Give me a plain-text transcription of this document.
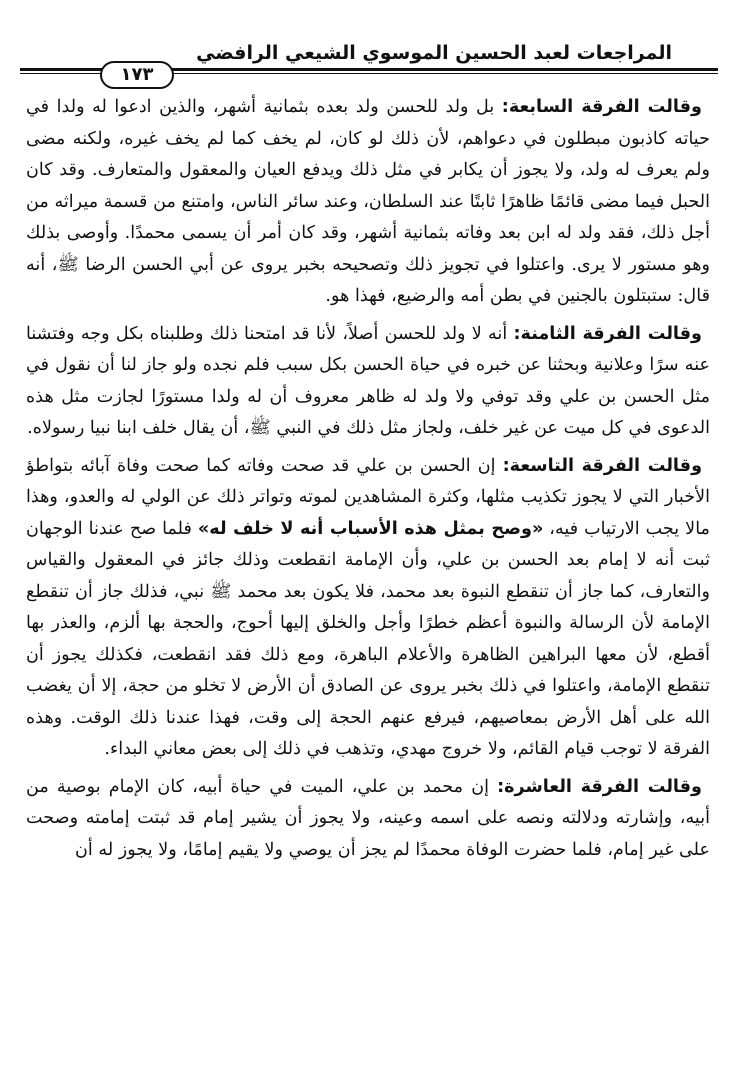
المراجعات لعبد الحسين الموسوي الشيعي الرافضي
١٧٣

وقالت الفرقة السابعة: بل ولد للحسن ولد بعده بثمانية أشهر، والذين ادعوا له ولدا في حياته كاذبون مبطلون في دعواهم، لأن ذلك لو كان، لم يخف كما لم يخف غيره، ولكنه مضى ولم يعرف له ولد، ولا يجوز أن يكابر في مثل ذلك ويدفع العيان والمعقول والمتعارف. وقد كان الحبل فيما مضى قائمًا ظاهرًا ثابتًا عند السلطان، وعند سائر الناس، وامتنع من قسمة ميراثه من أجل ذلك، فقد ولد له ابن بعد وفاته بثمانية أشهر، وقد كان أمر أن يسمى محمدًا. وأوصى بذلك وهو مستور لا يرى. واعتلوا في تجويز ذلك وتصحيحه بخبر يروى عن أبي الحسن الرضا ﷺ، أنه قال: ستبتلون بالجنين في بطن أمه والرضيع، فهذا هو.

وقالت الفرقة الثامنة: أنه لا ولد للحسن أصلاً، لأنا قد امتحنا ذلك وطلبناه بكل وجه وفتشنا عنه سرًا وعلانية وبحثنا عن خبره في حياة الحسن بكل سبب فلم نجده ولو جاز لنا أن نقول في مثل الحسن بن علي وقد توفي ولا ولد له ظاهر معروف أن له ولدا مستورًا لجازت مثل هذه الدعوى في كل ميت عن غير خلف، ولجاز مثل ذلك في النبي ﷺ، أن يقال خلف ابنا نبيا رسولاه.

وقالت الفرقة التاسعة: إن الحسن بن علي قد صحت وفاته كما صحت وفاة آبائه بتواطؤ الأخبار التي لا يجوز تكذيب مثلها، وكثرة المشاهدين لموته وتواتر ذلك عن الولي له والعدو، وهذا مالا يجب الارتياب فيه، «وصح بمثل هذه الأسباب أنه لا خلف له» فلما صح عندنا الوجهان ثبت أنه لا إمام بعد الحسن بن علي، وأن الإمامة انقطعت وذلك جائز في المعقول والقياس والتعارف، كما جاز أن تنقطع النبوة بعد محمد، فلا يكون بعد محمد ﷺ نبي، فذلك جاز أن تنقطع الإمامة لأن الرسالة والنبوة أعظم خطرًا وأجل والخلق إليها أحوج، والحجة بها ألزم، والعذر بها أقطع، لأن معها البراهين الظاهرة والأعلام الباهرة، ومع ذلك فقد انقطعت، فكذلك يجوز أن تنقطع الإمامة، واعتلوا في ذلك بخبر يروى عن الصادق أن الأرض لا تخلو من حجة، إلا أن يغضب الله على أهل الأرض بمعاصيهم، فيرفع عنهم الحجة إلى وقت، فهذا عندنا ذلك الوقت. وهذه الفرقة لا توجب قيام القائم، ولا خروج مهدي، وتذهب في ذلك إلى بعض معاني البداء.

وقالت الفرقة العاشرة: إن محمد بن علي، الميت في حياة أبيه، كان الإمام بوصية من أبيه، وإشارته ودلالته ونصه على اسمه وعينه، ولا يجوز أن يشير إمام قد ثبتت إمامته وصحت على غير إمام، فلما حضرت الوفاة محمدًا لم يجز أن يوصي ولا يقيم إمامًا، ولا يجوز له أن
